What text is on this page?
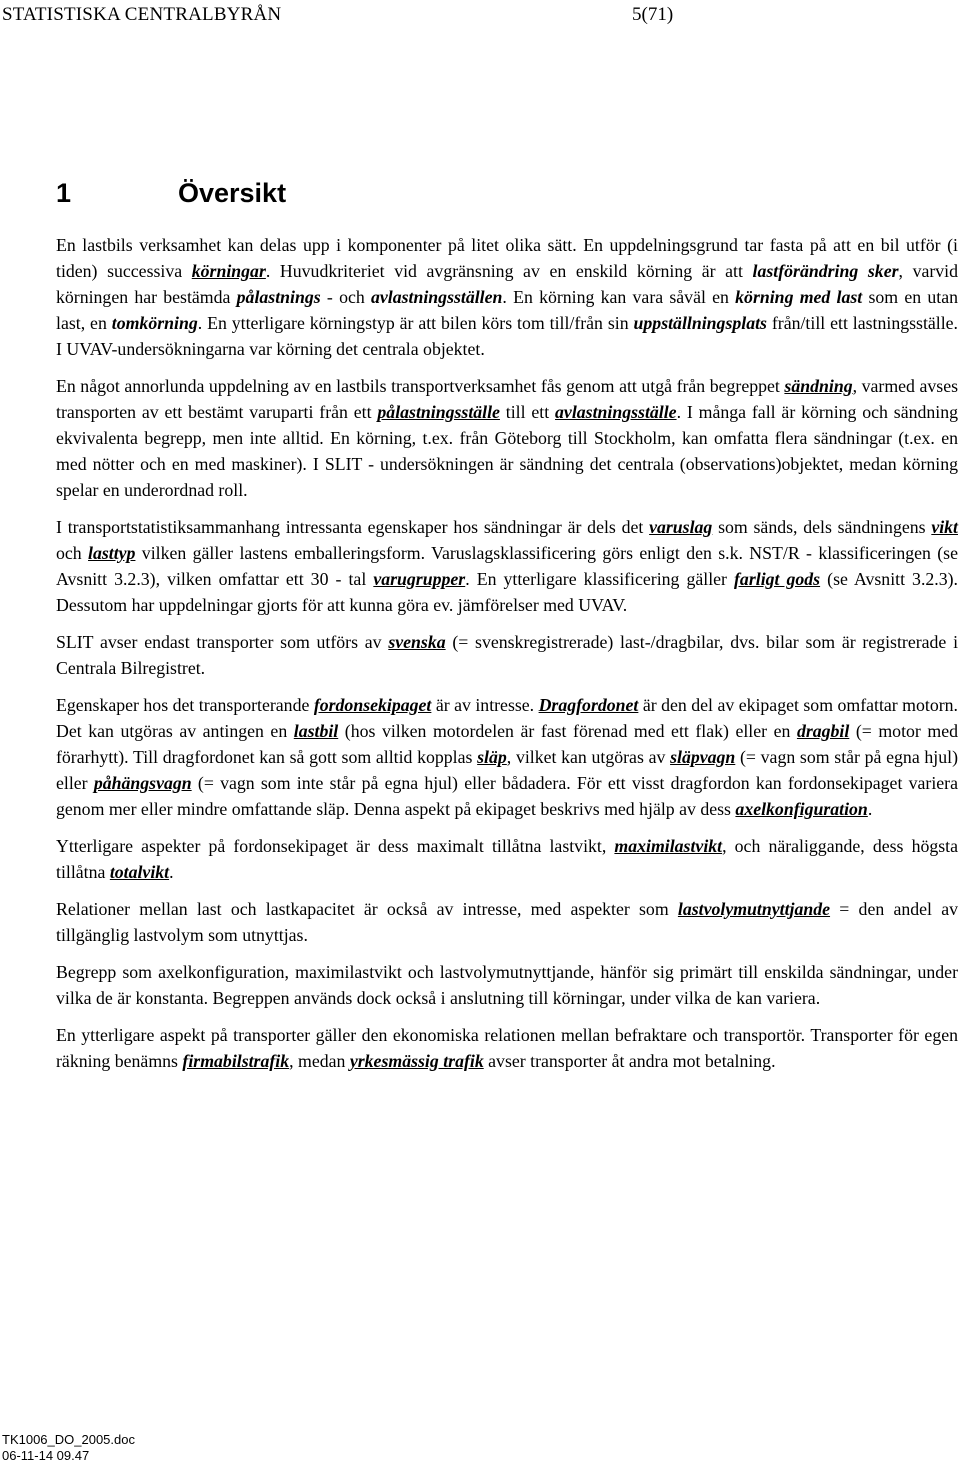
STATISTISKA CENTRALBYRÅN	5(71)
1	Översikt

En lastbils verksamhet kan delas upp i komponenter på litet olika sätt. En uppdelningsgrund tar fasta på att en bil utför (i tiden) successiva körningar. Huvudkriteriet vid avgränsning av en enskild körning är att lastförändring sker, varvid körningen har bestämda pålastnings - och avlastningsställen. En körning kan vara såväl en körning med last som en utan last, en tomkörning. En ytterligare körningstyp är att bilen körs tom till/från sin uppställningsplats från/till ett lastningsställe. I UVAV-undersökningarna var körning det centrala objektet.

En något annorlunda uppdelning av en lastbils transportverksamhet fås genom att utgå från begreppet sändning, varmed avses transporten av ett bestämt varuparti från ett pålastningsställe till ett avlastningsställe. I många fall är körning och sändning ekvivalenta begrepp, men inte alltid. En körning, t.ex. från Göteborg till Stockholm, kan omfatta flera sändningar (t.ex. en med nötter och en med maskiner). I SLIT - undersökningen är sändning det centrala (observations)objektet, medan körning spelar en underordnad roll.

I transportstatistiksammanhang intressanta egenskaper hos sändningar är dels det varuslag som sänds, dels sändningens vikt och lasttyp vilken gäller lastens emballeringsform. Varuslagsklassificering görs enligt den s.k. NST/R - klassificeringen (se Avsnitt 3.2.3), vilken omfattar ett 30 - tal varugrupper. En ytterligare klassificering gäller farligt gods (se Avsnitt 3.2.3). Dessutom har uppdelningar gjorts för att kunna göra ev. jämförelser med UVAV.

SLIT avser endast transporter som utförs av svenska (= svenskregistrerade) last-/dragbilar, dvs. bilar som är registrerade i Centrala Bilregistret.

Egenskaper hos det transporterande fordonsekipaget är av intresse. Dragfordonet är den del av ekipaget som omfattar motorn. Det kan utgöras av antingen en lastbil (hos vilken motordelen är fast förenad med ett flak) eller en dragbil (= motor med förarhytt). Till dragfordonet kan så gott som alltid kopplas släp, vilket kan utgöras av släpvagn (= vagn som står på egna hjul) eller påhängsvagn (= vagn som inte står på egna hjul) eller bådadera. För ett visst dragfordon kan fordonsekipaget variera genom mer eller mindre omfattande släp. Denna aspekt på ekipaget beskrivs med hjälp av dess axelkonfiguration.

Ytterligare aspekter på fordonsekipaget är dess maximalt tillåtna lastvikt, maximilastvikt, och näraliggande, dess högsta tillåtna totalvikt.

Relationer mellan last och lastkapacitet är också av intresse, med aspekter som lastvolymutnyttjande = den andel av tillgänglig lastvolym som utnyttjas.

Begrepp som axelkonfiguration, maximilastvikt och lastvolymutnyttjande, hänför sig primärt till enskilda sändningar, under vilka de är konstanta. Begreppen används dock också i anslutning till körningar, under vilka de kan variera.

En ytterligare aspekt på transporter gäller den ekonomiska relationen mellan befraktare och transportör. Transporter för egen räkning benämns firmabilstrafik, medan yrkesmässig trafik avser transporter åt andra mot betalning.

TK1006_DO_2005.doc
06-11-14 09.47
